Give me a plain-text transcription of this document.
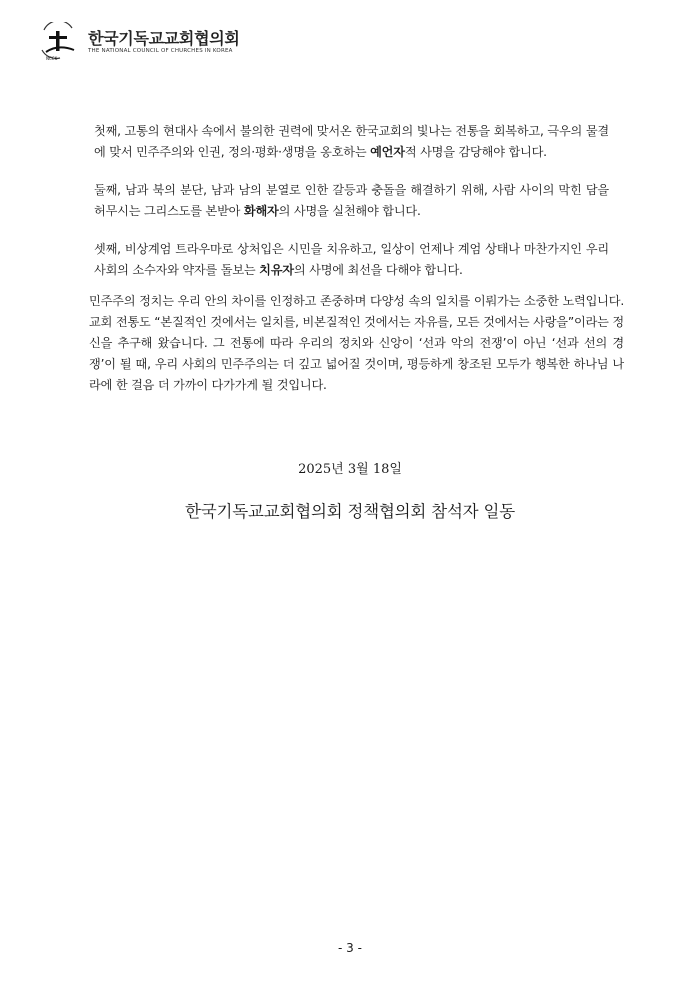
NCCK
한국기독교교회협의회
THE NATIONAL COUNCIL OF CHURCHES IN KOREA
첫째, 고통의 현대사 속에서 불의한 권력에 맞서온 한국교회의 빛나는 전통을 회복하고, 극우의 물결에 맞서 민주주의와 인권, 정의·평화·생명을 옹호하는 예언자적 사명을 감당해야 합니다.
둘째, 남과 북의 분단, 남과 남의 분열로 인한 갈등과 충돌을 해결하기 위해, 사람 사이의 막힌 담을 허무시는 그리스도를 본받아 화해자의 사명을 실천해야 합니다.
셋째, 비상계엄 트라우마로 상처입은 시민을 치유하고, 일상이 언제나 계엄 상태나 마찬가지인 우리 사회의 소수자와 약자를 돌보는 치유자의 사명에 최선을 다해야 합니다.
민주주의 정치는 우리 안의 차이를 인정하고 존중하며 다양성 속의 일치를 이뤄가는 소중한 노력입니다. 교회 전통도 “본질적인 것에서는 일치를, 비본질적인 것에서는 자유를, 모든 것에서는 사랑을”이라는 정신을 추구해 왔습니다. 그 전통에 따라 우리의 정치와 신앙이 ‘선과 악의 전쟁’이 아닌 ‘선과 선의 경쟁’이 될 때, 우리 사회의 민주주의는 더 깊고 넓어질 것이며, 평등하게 창조된 모두가 행복한 하나님 나라에 한 걸음 더 가까이 다가가게 될 것입니다.
2025년 3월 18일
한국기독교교회협의회 정책협의회 참석자 일동
- 3 -
